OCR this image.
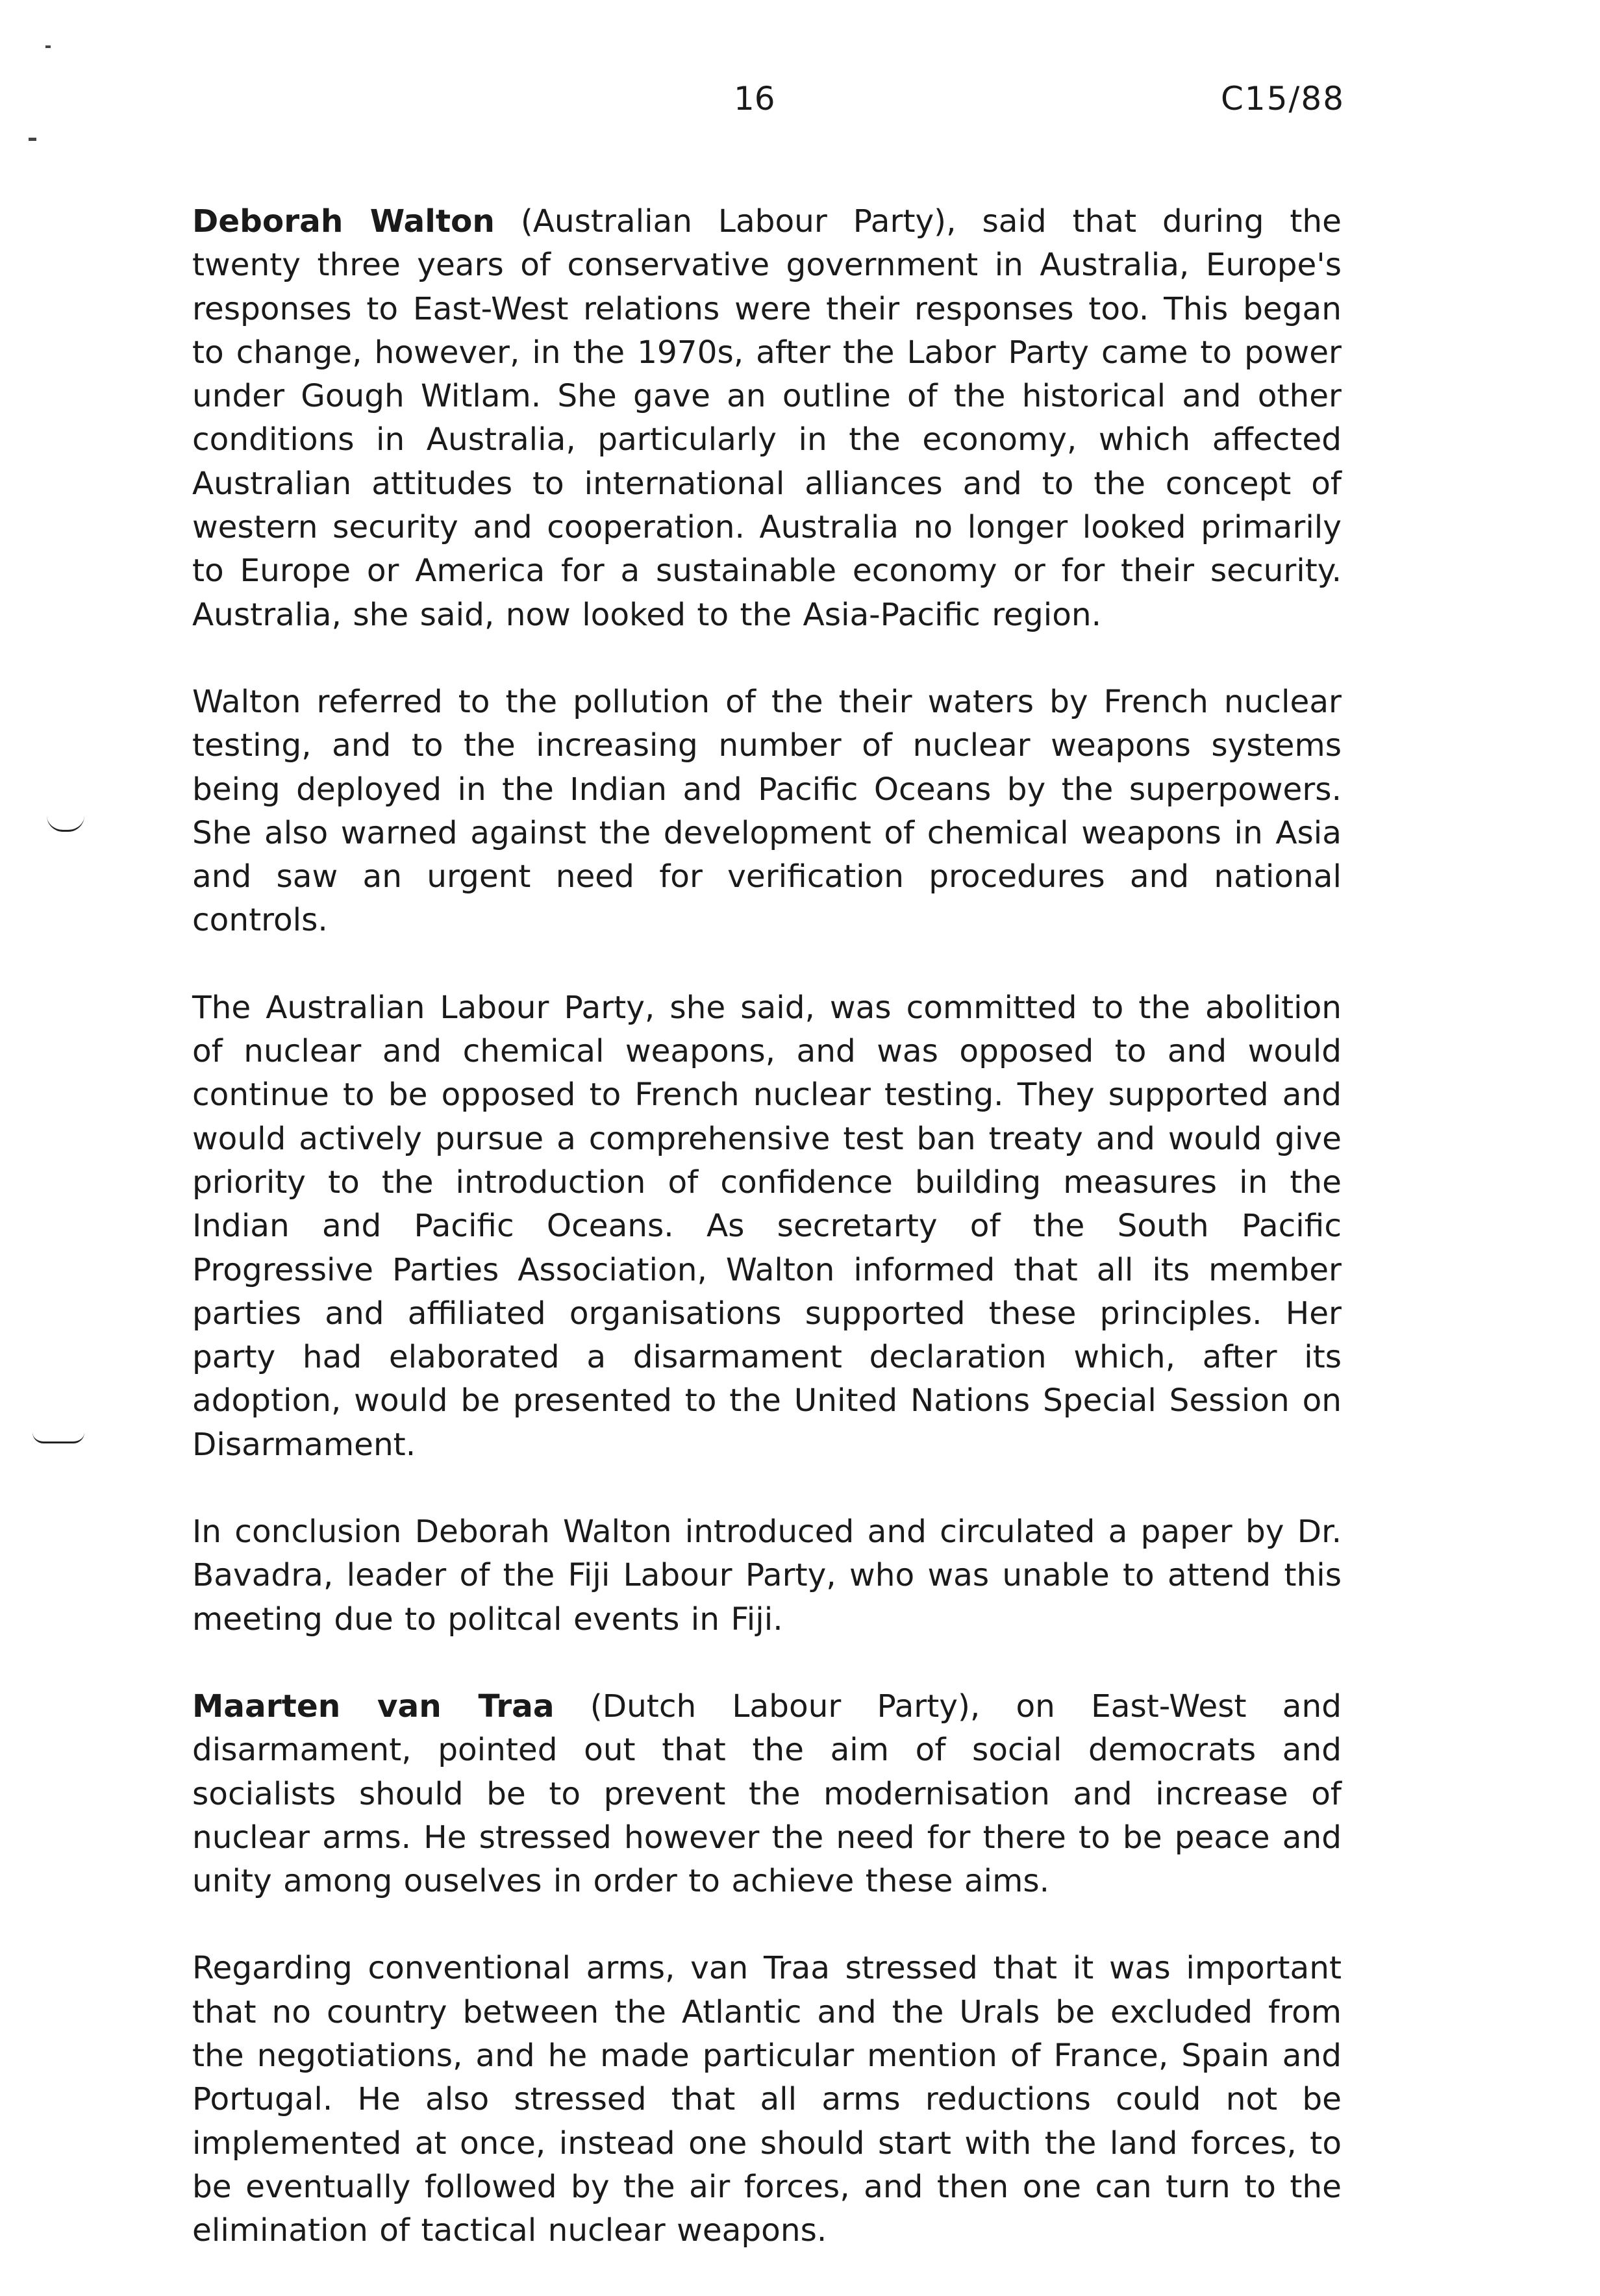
16	C15/88

Deborah Walton (Australian Labour Party), said that during the twenty three years of conservative government in Australia, Europe's responses to East-West relations were their responses too. This began to change, however, in the 1970s, after the Labor Party came to power under Gough Witlam. She gave an outline of the historical and other conditions in Australia, particularly in the economy, which affected Australian attitudes to international alliances and to the concept of western security and cooperation. Australia no longer looked primarily to Europe or America for a sustainable economy or for their security. Australia, she said, now looked to the Asia-Pacific region.

Walton referred to the pollution of the their waters by French nuclear testing, and to the increasing number of nuclear weapons systems being deployed in the Indian and Pacific Oceans by the superpowers. She also warned against the development of chemical weapons in Asia and saw an urgent need for verification procedures and national controls.

The Australian Labour Party, she said, was committed to the abolition of nuclear and chemical weapons, and was opposed to and would continue to be opposed to French nuclear testing. They supported and would actively pursue a comprehensive test ban treaty and would give priority to the introduction of confidence building measures in the Indian and Pacific Oceans. As secretarty of the South Pacific Progressive Parties Association, Walton informed that all its member parties and affiliated organisations supported these principles. Her party had elaborated a disarmament declaration which, after its adoption, would be presented to the United Nations Special Session on Disarmament.

In conclusion Deborah Walton introduced and circulated a paper by Dr. Bavadra, leader of the Fiji Labour Party, who was unable to attend this meeting due to politcal events in Fiji.

Maarten van Traa (Dutch Labour Party), on East-West and disarmament, pointed out that the aim of social democrats and socialists should be to prevent the modernisation and increase of nuclear arms. He stressed however the need for there to be peace and unity among ouselves in order to achieve these aims.

Regarding conventional arms, van Traa stressed that it was important that no country between the Atlantic and the Urals be excluded from the negotiations, and he made particular mention of France, Spain and Portugal. He also stressed that all arms reductions could not be implemented at once, instead one should start with the land forces, to be eventually followed by the air forces, and then one can turn to the elimination of tactical nuclear weapons.
